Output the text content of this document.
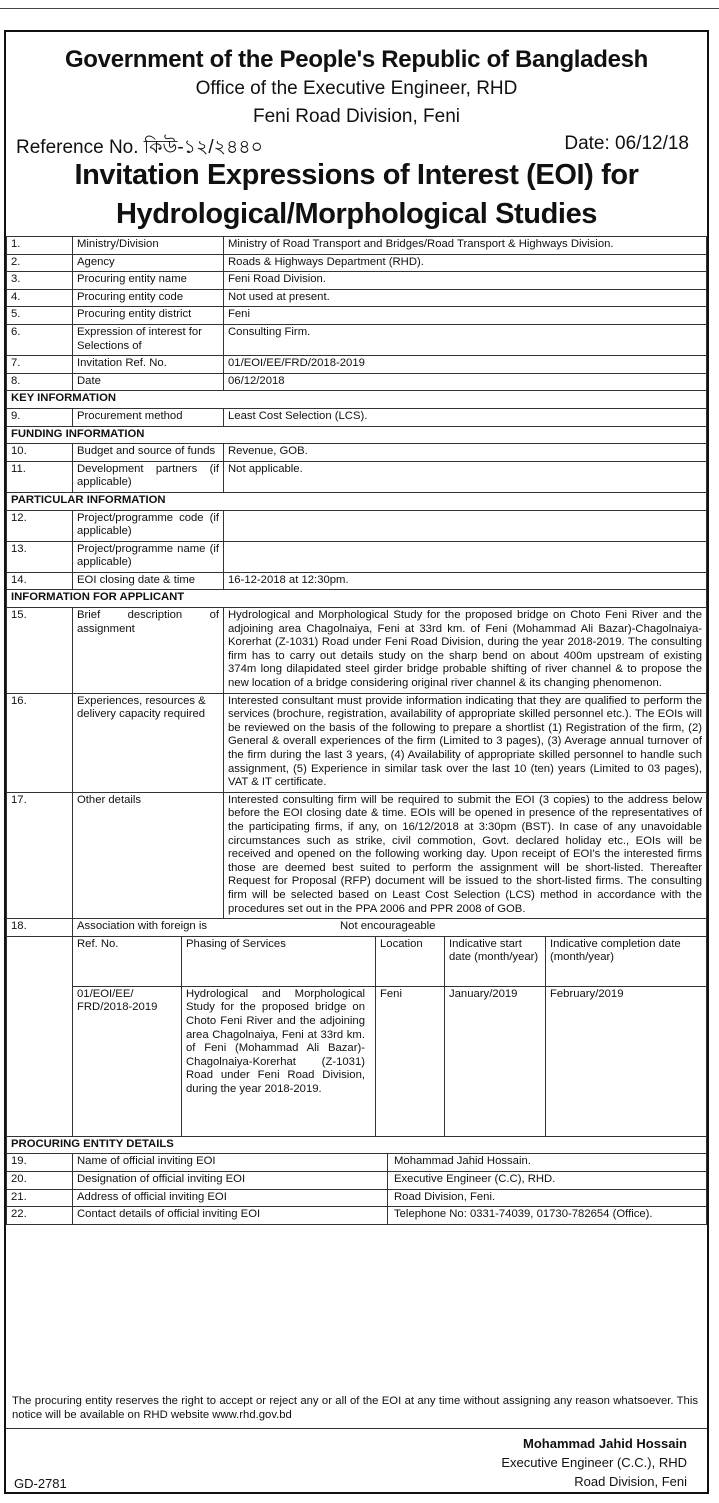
Government of the People's Republic of Bangladesh
Office of the Executive Engineer, RHD
Feni Road Division, Feni
Reference No. কিউ-১২/২৪৪০	Date: 06/12/18
Invitation Expressions of Interest (EOI) for
Hydrological/Morphological Studies
1.	Ministry/Division	Ministry of Road Transport and Bridges/Road Transport & Highways Division.
2.	Agency	Roads & Highways Department (RHD).
3.	Procuring entity name	Feni Road Division.
4.	Procuring entity code	Not used at present.
5.	Procuring entity district	Feni
6.	Expression of interest for Selections of	Consulting Firm.
7.	Invitation Ref. No.	01/EOI/EE/FRD/2018-2019
8.	Date	06/12/2018
KEY INFORMATION
9.	Procurement method	Least Cost Selection (LCS).
FUNDING INFORMATION
10.	Budget and source of funds	Revenue, GOB.
11.	Development partners (if applicable)	Not applicable.
PARTICULAR INFORMATION
12.	Project/programme code (if applicable)	
13.	Project/programme name (if applicable)	
14.	EOI closing date & time	16-12-2018 at 12:30pm.
INFORMATION FOR APPLICANT
15.	Brief description of assignment	Hydrological and Morphological Study for the proposed bridge on Choto Feni River and the adjoining area Chagolnaiya, Feni at 33rd km. of Feni (Mohammad Ali Bazar)-Chagolnaiya-Korerhat (Z-1031) Road under Feni Road Division, during the year 2018-2019. The consulting firm has to carry out details study on the sharp bend on about 400m upstream of existing 374m long dilapidated steel girder bridge probable shifting of river channel & to propose the new location of a bridge considering original river channel & its changing phenomenon.
16.	Experiences, resources & delivery capacity required	Interested consultant must provide information indicating that they are qualified to perform the services (brochure, registration, availability of appropriate skilled personnel etc.). The EOIs will be reviewed on the basis of the following to prepare a shortlist (1) Registration of the firm, (2) General & overall experiences of the firm (Limited to 3 pages), (3) Average annual turnover of the firm during the last 3 years, (4) Availability of appropriate skilled personnel to handle such assignment, (5) Experience in similar task over the last 10 (ten) years (Limited to 03 pages), VAT & IT certificate.
17.	Other details	Interested consulting firm will be required to submit the EOI (3 copies) to the address below before the EOI closing date & time. EOIs will be opened in presence of the representatives of the participating firms, if any, on 16/12/2018 at 3:30pm (BST). In case of any unavoidable circumstances such as strike, civil commotion, Govt. declared holiday etc., EOIs will be received and opened on the following working day. Upon receipt of EOI's the interested firms those are deemed best suited to perform the assignment will be short-listed. Thereafter Request for Proposal (RFP) document will be issued to the short-listed firms. The consulting firm will be selected based on Least Cost Selection (LCS) method in accordance with the procedures set out in the PPA 2006 and PPR 2008 of GOB.
18.	Association with foreign is	Not encourageable

Ref. No.	Phasing of Services	Location	Indicative start date (month/year)	Indicative completion date (month/year)
01/EOI/EE/ FRD/2018-2019	Hydrological and Morphological Study for the proposed bridge on Choto Feni River and the adjoining area Chagolnaiya, Feni at 33rd km. of Feni (Mohammad Ali Bazar)-Chagolnaiya-Korerhat (Z-1031) Road under Feni Road Division, during the year 2018-2019.	Feni	January/2019	February/2019

PROCURING ENTITY DETAILS
19.	Name of official inviting EOI	Mohammad Jahid Hossain.

20.	Designation of official inviting EOI	Executive Engineer (C.C), RHD.

21.	Address of official inviting EOI	Road Division, Feni.

22.	Contact details of official inviting EOI	Telephone No: 0331-74039, 01730-782654 (Office).
The procuring entity reserves the right to accept or reject any or all of the EOI at any time without assigning any reason whatsoever. This notice will be available on RHD website www.rhd.gov.bd
Mohammad Jahid Hossain
Executive Engineer (C.C.), RHD
Road Division, Feni
GD-2781
